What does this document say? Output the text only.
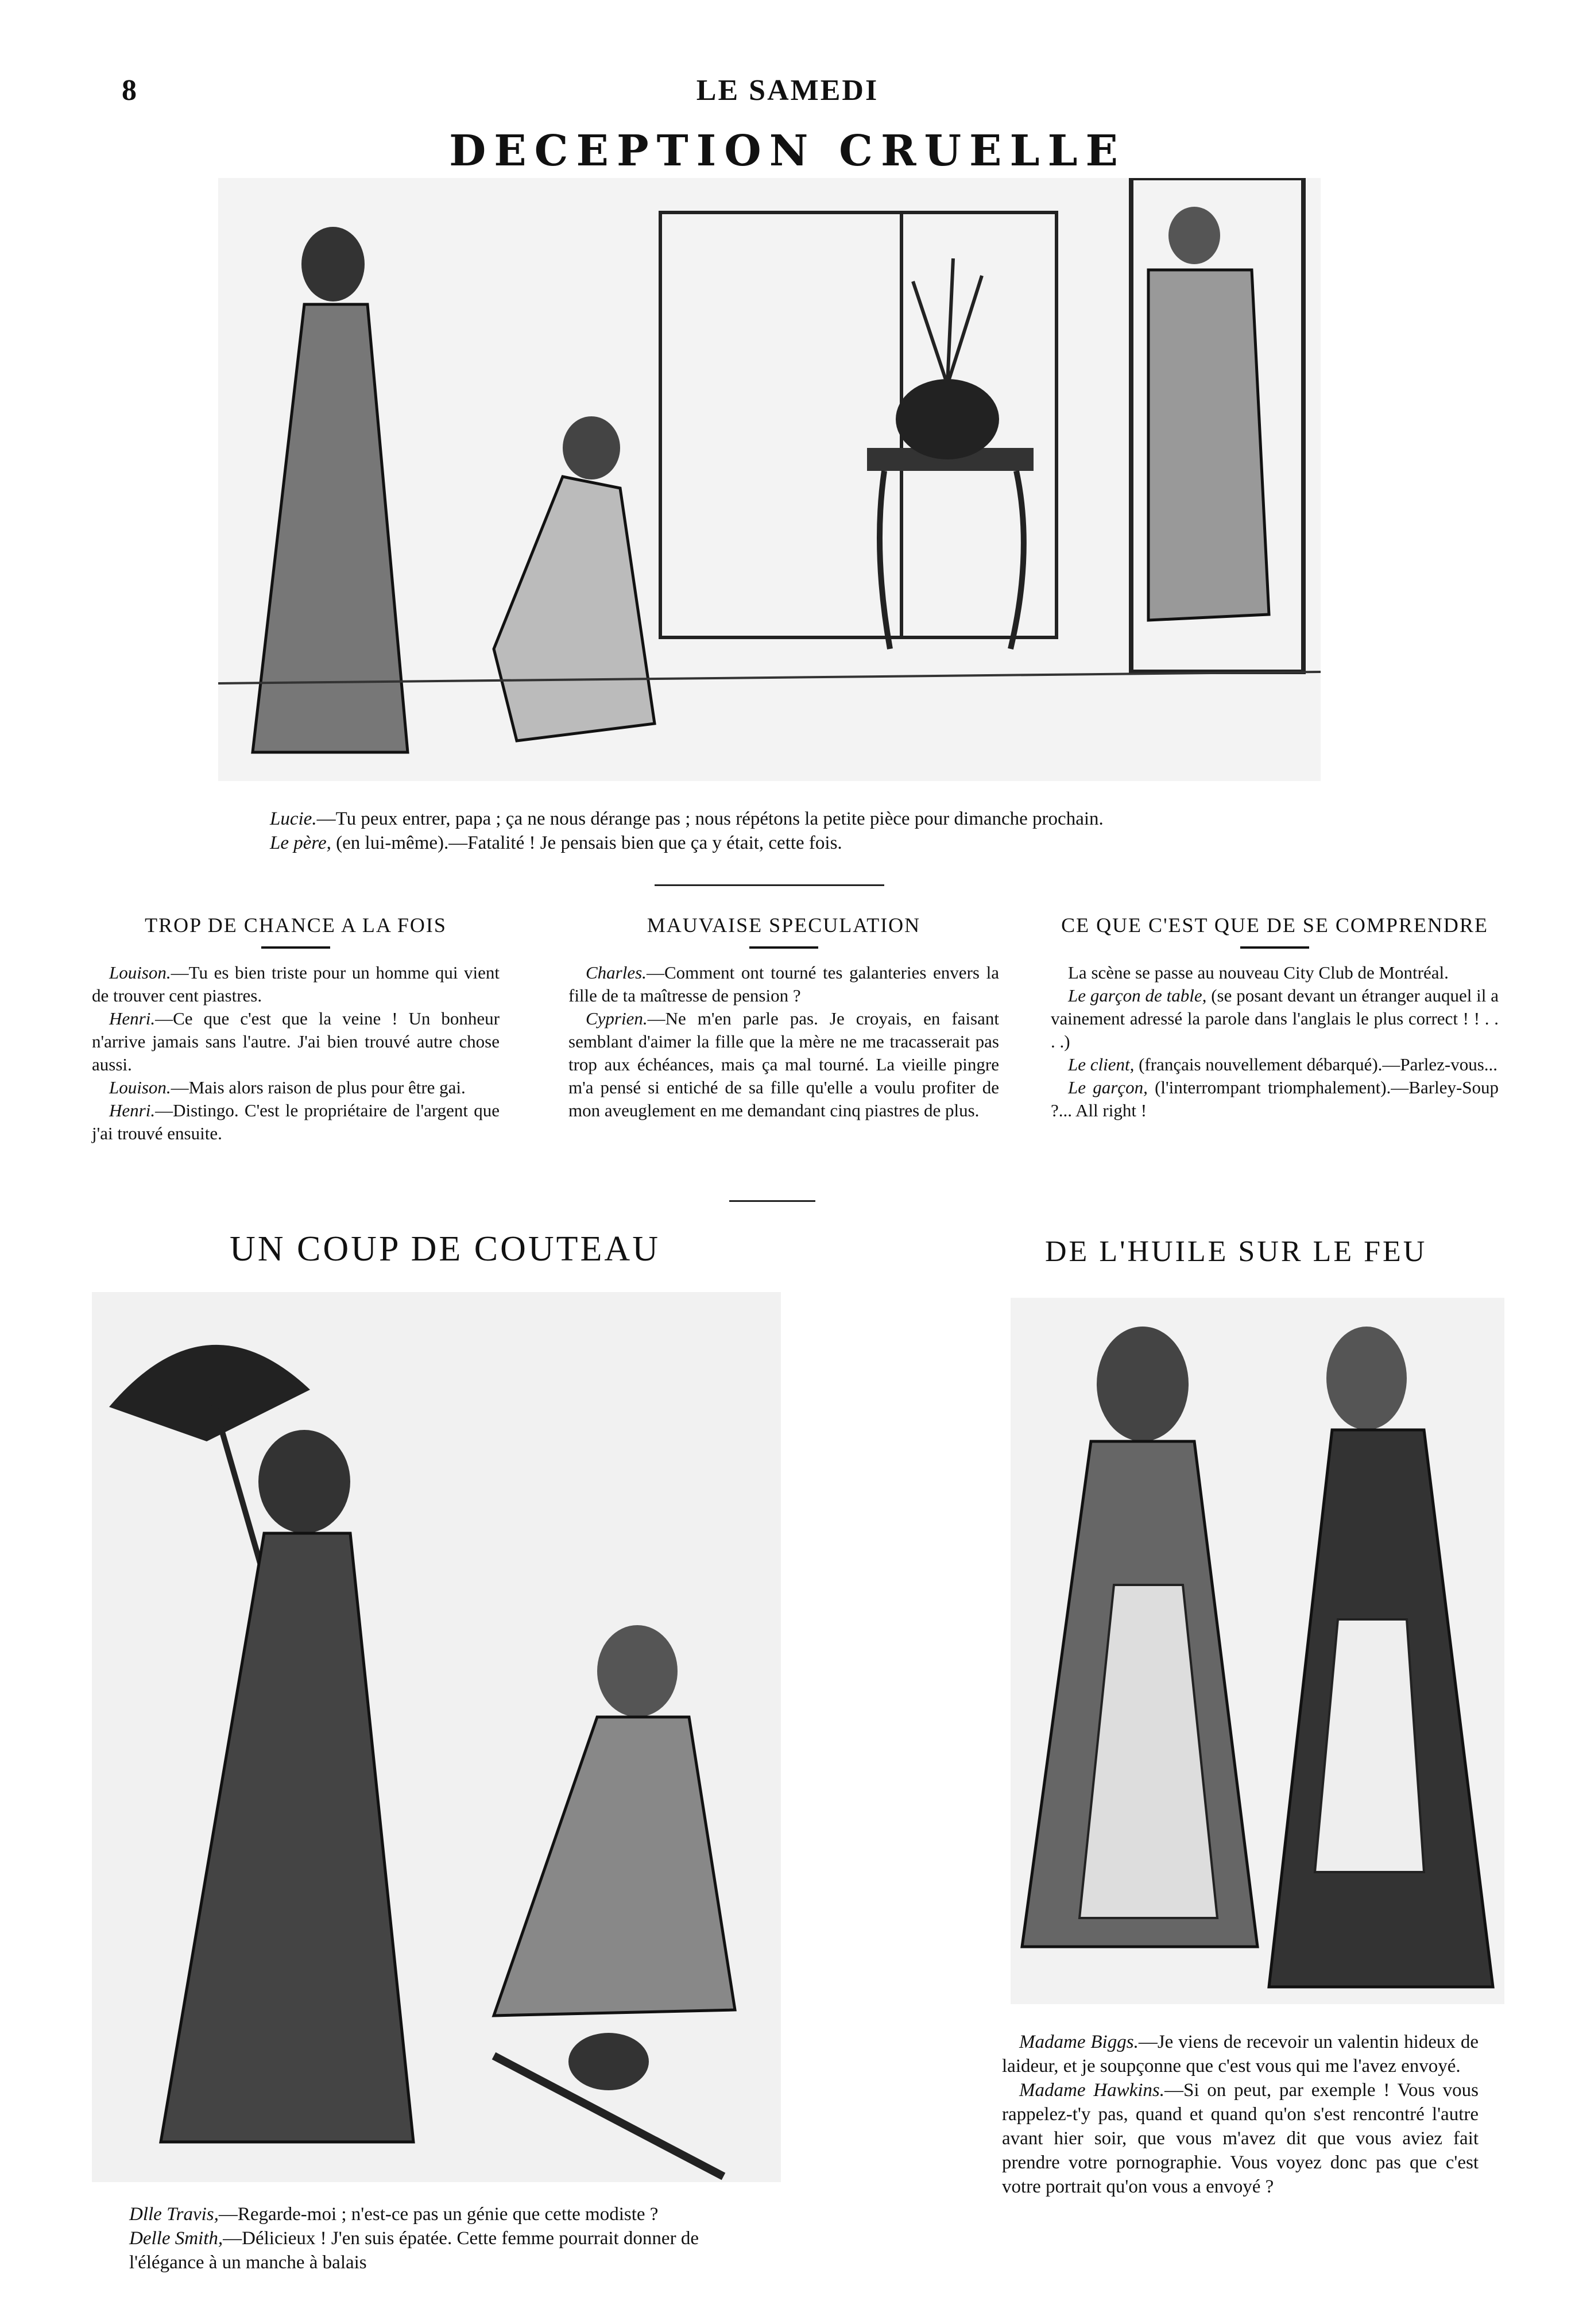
8	LE SAMEDI
DECEPTION CRUELLE
Lucie.—Tu peux entrer, papa ; ça ne nous dérange pas ; nous répétons la petite pièce pour dimanche prochain.
Le père, (en lui-même).—Fatalité ! Je pensais bien que ça y était, cette fois.
TROP DE CHANCE A LA FOIS

Louison.—Tu es bien triste pour un homme qui vient de trouver cent piastres.

Henri.—Ce que c'est que la veine ! Un bonheur n'arrive jamais sans l'autre. J'ai bien trouvé autre chose aussi.

Louison.—Mais alors raison de plus pour être gai.

Henri.—Distingo. C'est le propriétaire de l'argent que j'ai trouvé ensuite.

MAUVAISE SPECULATION

Charles.—Comment ont tourné tes galanteries envers la fille de ta maîtresse de pension ?

Cyprien.—Ne m'en parle pas. Je croyais, en faisant semblant d'aimer la fille que la mère ne me tracasserait pas trop aux échéances, mais ça mal tourné. La vieille pingre m'a pensé si entiché de sa fille qu'elle a voulu profiter de mon aveuglement en me demandant cinq piastres de plus.

CE QUE C'EST QUE DE SE COMPRENDRE

La scène se passe au nouveau City Club de Montréal.

Le garçon de table, (se posant devant un étranger auquel il a vainement adressé la parole dans l'anglais le plus correct ! ! . . . .)

Le client, (français nouvellement débarqué).—Parlez-vous...

Le garçon, (l'interrompant triomphalement).—Barley-Soup ?... All right !

UN COUP DE COUTEAU
Dlle Travis,—Regarde-moi ; n'est-ce pas un génie que cette modiste ?
Delle Smith,—Délicieux ! J'en suis épatée. Cette femme pourrait donner de l'élégance à un manche à balais
DE L'HUILE SUR LE FEU
Madame Biggs.—Je viens de recevoir un valentin hideux de laideur, et je soupçonne que c'est vous qui me l'avez envoyé.
Madame Hawkins.—Si on peut, par exemple ! Vous vous rappelez-t'y pas, quand et quand qu'on s'est rencontré l'autre avant hier soir, que vous m'avez dit que vous aviez fait prendre votre pornographie. Vous voyez donc pas que c'est votre portrait qu'on vous a envoyé ?
